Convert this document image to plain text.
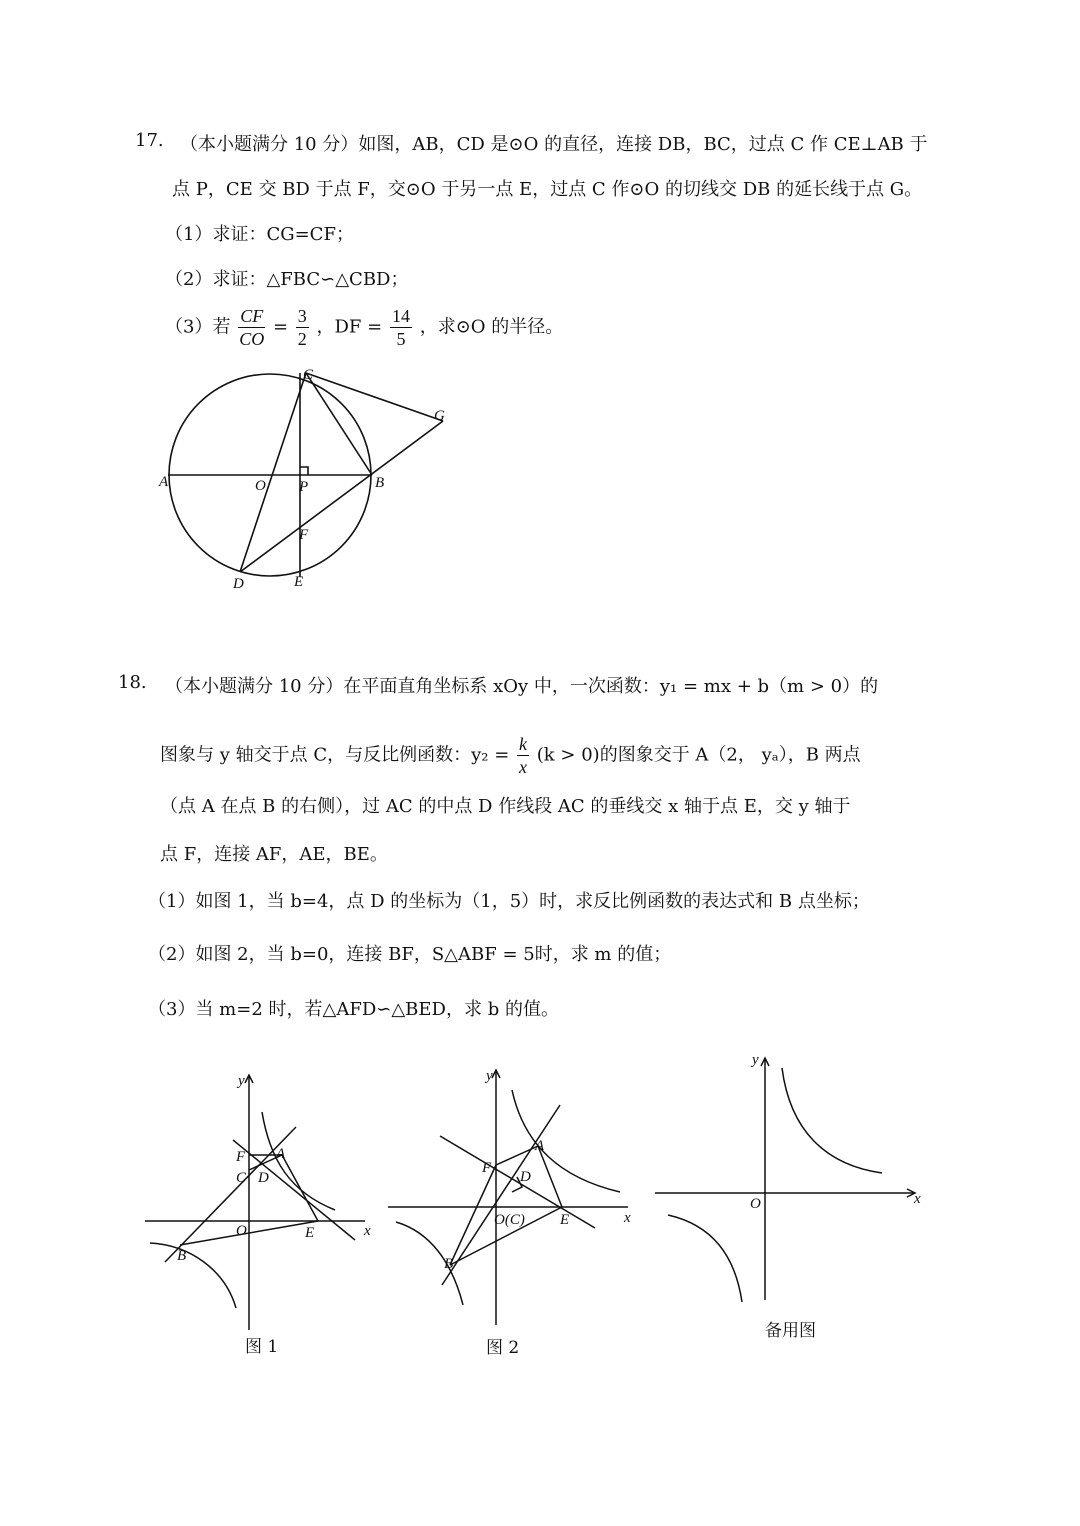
17. （本小题满分 10 分）如图，AB，CD 是⊙O 的直径，连接 DB，BC，过点 C 作 CE⊥AB 于
点 P，CE 交 BD 于点 F，交⊙O 于另一点 E，过点 C 作⊙O 的切线交 DB 的延长线于点 G。
（1）求证：CG=CF；
（2）求证：△FBC∽△CBD；
（3）若 $\frac{CF}{CO} = \frac{3}{2}$ ，DF = $\frac{14}{5}$ ，求⊙O 的半径。
C
G
A	O P	B
F
D	E
18. （本小题满分 10 分）在平面直角坐标系 xOy 中，一次函数：y₁ = mx + b（m > 0）的
图象与 y 轴交于点 C，与反比例函数：$y_2 = \frac{k}{x} (k > 0)$的图象交于 A（2， yₐ），B 两点
（点 A 在点 B 的右侧），过 AC 的中点 D 作线段 AC 的垂线交 x 轴于点 E，交 y 轴于
点 F，连接 AF，AE，BE。
（1）如图 1，当 b=4，点 D 的坐标为（1，5）时，求反比例函数的表达式和 B 点坐标；
（2）如图 2，当 b=0，连接 BF，S△ABF = 5时，求 m 的值；
（3）当 m=2 时，若△AFD∽△BED，求 b 的值。
y
F A
C D
O	E	x
B
图 1
y
A
F
D
O(C) E	x
B
图 2
y
O	x
备用图
